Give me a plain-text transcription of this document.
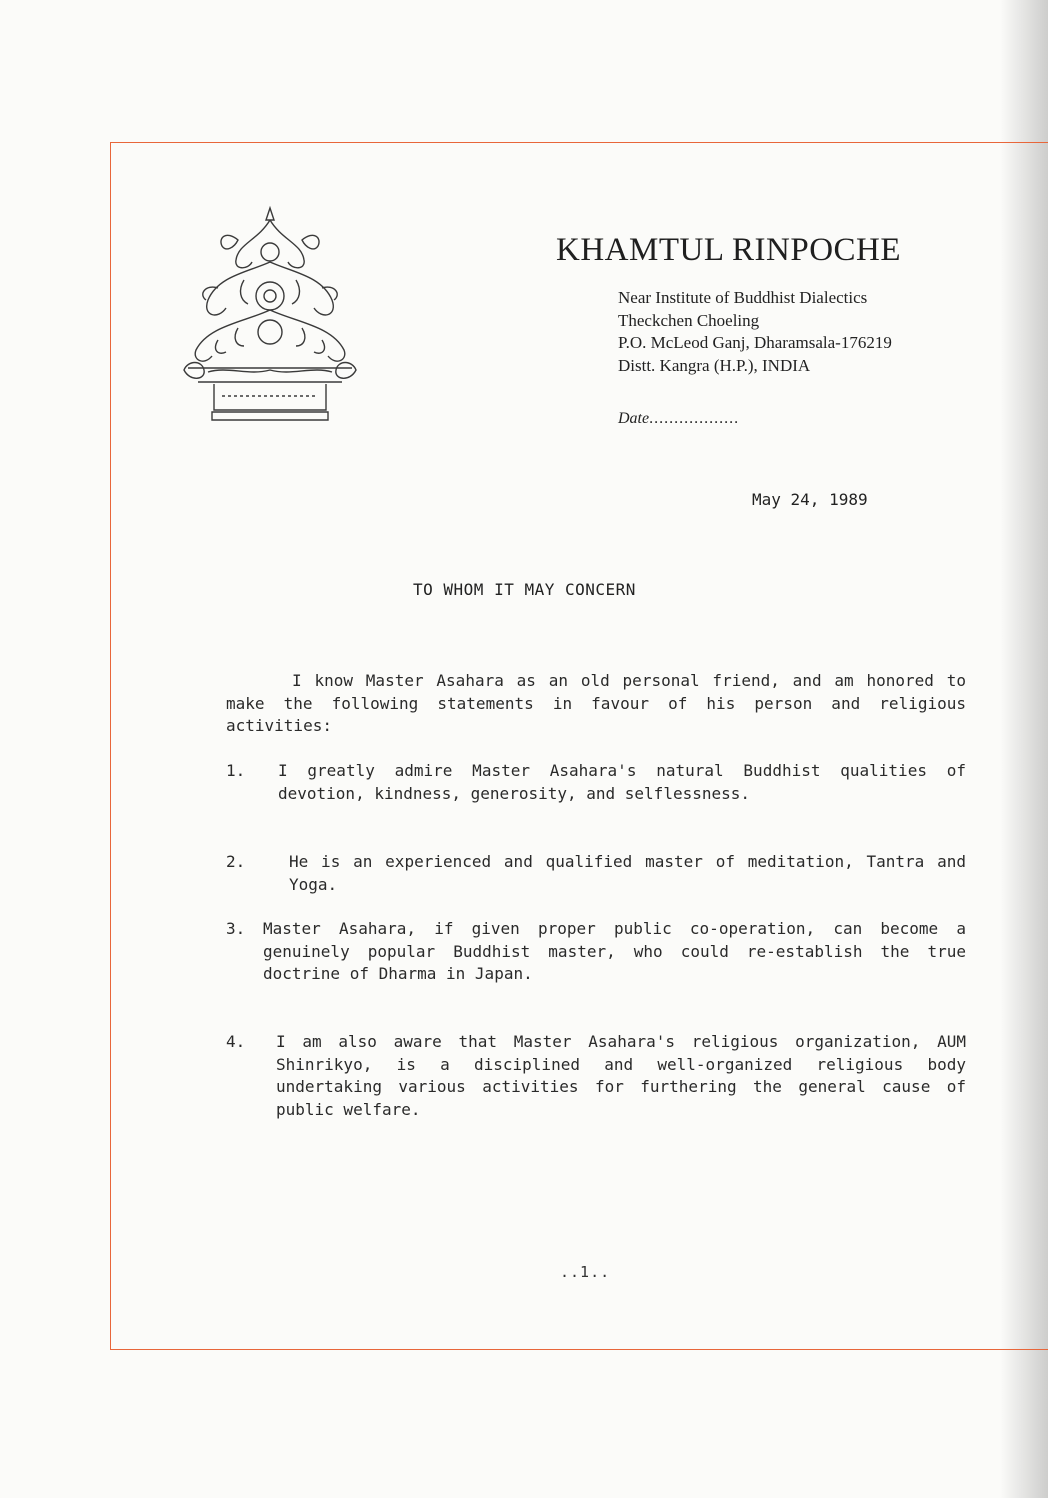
KHAMTUL RINPOCHE
Near Institute of Buddhist Dialectics
Theckchen Choeling
P.O. McLeod Ganj, Dharamsala-176219
Distt. Kangra (H.P.), INDIA
Date..................
May 24, 1989
TO WHOM IT MAY CONCERN
I know Master Asahara as an old personal friend, and am honored to make the following statements in favour of his person and religious activities:
1. I greatly admire Master Asahara's natural Buddhist qualities of devotion, kindness, generosity, and selflessness.
2.	He is an experienced and qualified master of meditation, Tantra and Yoga.
3. Master Asahara, if given proper public co-operation, can become a genuinely popular Buddhist master, who could re-establish the true doctrine of Dharma in Japan.
4. I am also aware that Master Asahara's religious organization, AUM Shinrikyo, is a disciplined and well-organized religious body undertaking various activities for furthering the general cause of public welfare.
..1..
